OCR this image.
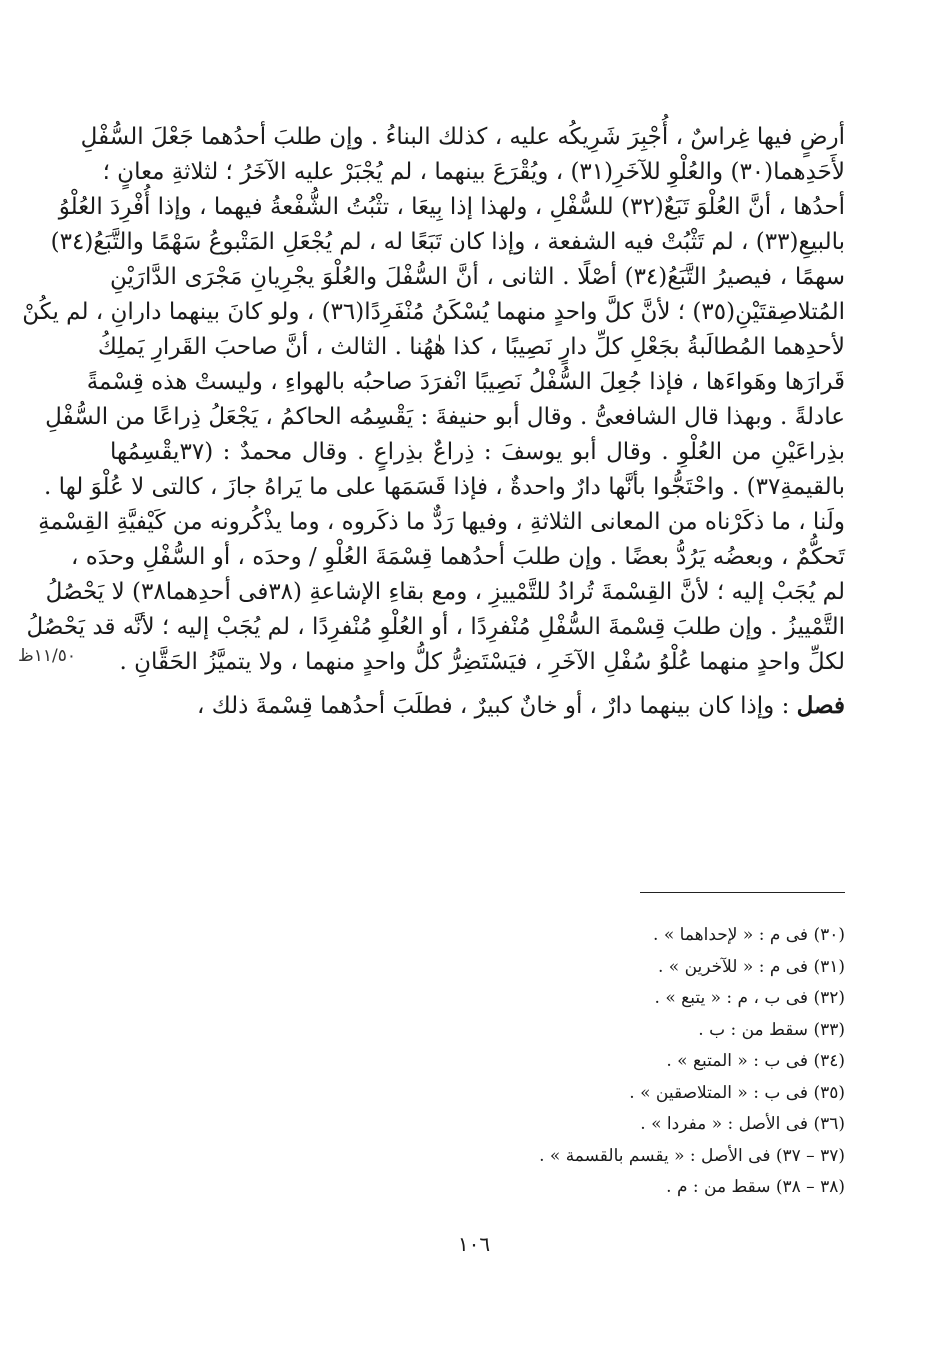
أرضٍ فيها غِراسٌ ، أُجْبِرَ شَرِيكُه عليه ، كذلك البناءُ . وإن طلبَ أحدُهما جَعْلَ السُّفْلِ
لأَحَدِهما(٣٠) والعُلْوِ للآخَرِ(٣١) ، ويُقْرَعَ بينهما ، لم يُجْبَرْ عليه الآخَرُ ؛ لثلاثةِ معانٍ ؛
أحدُها ، أنَّ العُلْوَ تَبَعٌ(٣٢) للسُّفْلِ ، ولهذا إذا بِيعَا ، تثْبُتُ الشُّفْعةُ فيهما ، وإذا أُفْرِدَ العُلْوُ
بالبيعِ(٣٣) ، لم تَثْبُتْ فيه الشفعة ، وإذا كان تَبَعًا له ، لم يُجْعَلِ المَتْبوعُ سَهْمًا والتَّبَعُ(٣٤)
سهمًا ، فيصيرُ التَّبَعُ(٣٤) أصْلًا . الثانى ، أنَّ السُّفْلَ والعُلْوَ يجْرِيانِ مَجْرَى الدَّارَيْنِ
المُتلاصِقتَيْنِ(٣٥) ؛ لأنَّ كلَّ واحدٍ منهما يُسْكَنُ مُنْفَرِدًا(٣٦) ، ولو كانَ بينهما دارانِ ، لم يكُنْ
لأحدِهما المُطالَبةُ بجَعْلِ كلِّ دارٍ نَصِيبًا ، كذا هٰهُنا . الثالث ، أنَّ صاحبَ القَرارِ يَملِكُ
قَرارَها وهَواءَها ، فإذا جُعِلَ السُّفْلُ نَصِيبًا انْفرَدَ صاحبُه بالهواءِ ، وليستْ هذه قِسْمةً
عادلةً . وبهذا قال الشافعىُّ . وقال أبو حنيفةَ : يَقْسِمُه الحاكمُ ، يَجْعَلُ ذِراعًا من السُّفْلِ
بذِراعَيْنِ من العُلْوِ . وقال أبو يوسفَ : ذِراعٌ بذِراعٍ . وقال محمدٌ : (٣٧يقْسِمُها
بالقيمةِ٣٧) . واحْتَجُّوا بأنَّها دارٌ واحدةٌ ، فإذا قَسَمَها على ما يَراهُ جازَ ، كالتى لا عُلْوَ لها .
ولَنا ، ما ذكَرْناه من المعانى الثلاثةِ ، وفيها رَدٌّ ما ذكَروه ، وما يذْكُرونه من كَيْفيَّةِ القِسْمةِ
تَحكُّمٌ ، وبعضُه يَرُدُّ بعضًا . وإن طلبَ أحدُهما قِسْمَةَ العُلْوِ / وحدَه ، أو السُّفْلِ وحدَه ،
لم يُجَبْ إليه ؛ لأنَّ القِسْمةَ تُرادُ للتَّمْييزِ ، ومع بقاءِ الإشاعةِ (٣٨فى أحدِهما٣٨) لا يَحْصُلُ
التَّمْييزُ . وإن طلبَ قِسْمةَ السُّفْلِ مُنْفرِدًا ، أو العُلْوِ مُنْفرِدًا ، لم يُجَبْ إليه ؛ لأنَّه قد يَحْصُلُ
لكلِّ واحدٍ منهما عُلْوُ سُفْلِ الآخَرِ ، فيَسْتَضِرُّ كلُّ واحدٍ منهما ، ولا يتميَّزُ الحَقَّانِ .
١١/٥٠ظ
فصل : وإذا كان بينهما دارٌ ، أو خانٌ كبيرٌ ، فطلَبَ أحدُهما قِسْمةَ ذلك ،
(٣٠) فى م : « لإحداهما » .
(٣١) فى م : « للآخرين » .
(٣٢) فى ب ، م : « يتبع » .
(٣٣) سقط من : ب .
(٣٤) فى ب : « المتبع » .
(٣٥) فى ب : « المتلاصقين » .
(٣٦) فى الأصل : « مفردا » .
(٣٧ – ٣٧) فى الأصل : « يقسم بالقسمة » .
(٣٨ – ٣٨) سقط من : م .
١٠٦
